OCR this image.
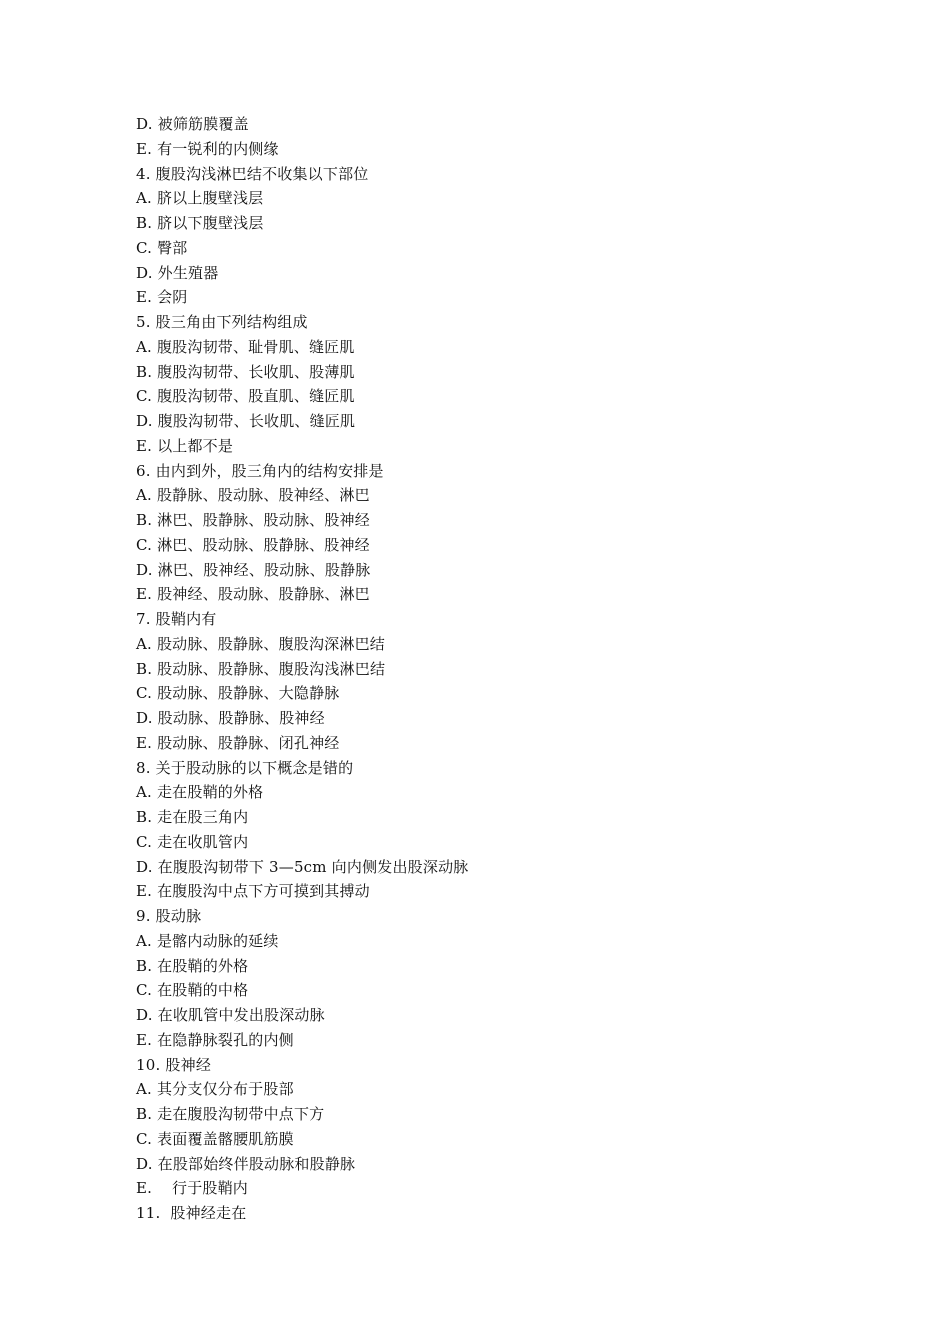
D. 被筛筋膜覆盖
E. 有一锐利的内侧缘
4. 腹股沟浅淋巴结不收集以下部位
A. 脐以上腹壁浅层
B. 脐以下腹壁浅层
C. 臀部
D. 外生殖器
E. 会阴
5. 股三角由下列结构组成
A. 腹股沟韧带、耻骨肌、缝匠肌
B. 腹股沟韧带、长收肌、股薄肌
C. 腹股沟韧带、股直肌、缝匠肌
D. 腹股沟韧带、长收肌、缝匠肌
E. 以上都不是
6. 由内到外，股三角内的结构安排是
A. 股静脉、股动脉、股神经、淋巴
B. 淋巴、股静脉、股动脉、股神经
C. 淋巴、股动脉、股静脉、股神经
D. 淋巴、股神经、股动脉、股静脉
E. 股神经、股动脉、股静脉、淋巴
7. 股鞘内有
A. 股动脉、股静脉、腹股沟深淋巴结
B. 股动脉、股静脉、腹股沟浅淋巴结
C. 股动脉、股静脉、大隐静脉
D. 股动脉、股静脉、股神经
E. 股动脉、股静脉、闭孔神经
8. 关于股动脉的以下概念是错的
A. 走在股鞘的外格
B. 走在股三角内
C. 走在收肌管内
D. 在腹股沟韧带下 3—5cm 向内侧发出股深动脉
E. 在腹股沟中点下方可摸到其搏动
9. 股动脉
A. 是髂内动脉的延续
B. 在股鞘的外格
C. 在股鞘的中格
D. 在收肌管中发出股深动脉
E. 在隐静脉裂孔的内侧
10. 股神经
A. 其分支仅分布于股部
B. 走在腹股沟韧带中点下方
C. 表面覆盖髂腰肌筋膜
D. 在股部始终伴股动脉和股静脉
E.    行于股鞘内
11.  股神经走在
